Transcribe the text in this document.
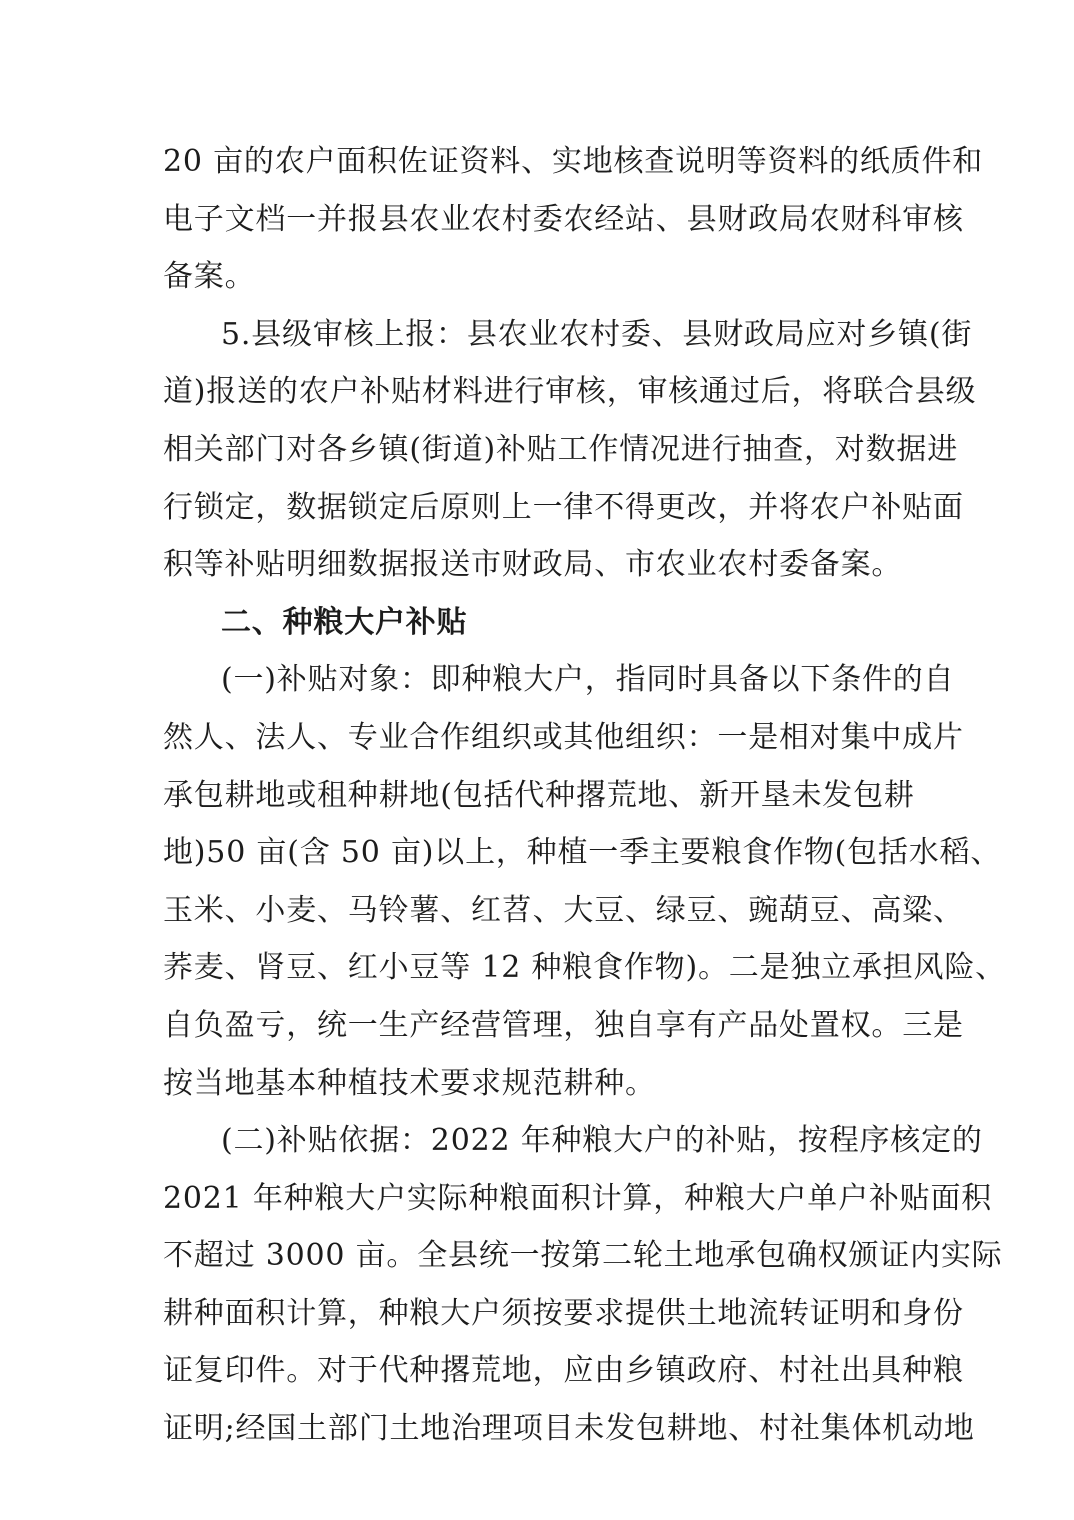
20 亩的农户面积佐证资料、实地核查说明等资料的纸质件和
电子文档一并报县农业农村委农经站、县财政局农财科审核
备案。
5.县级审核上报：县农业农村委、县财政局应对乡镇(街
道)报送的农户补贴材料进行审核，审核通过后，将联合县级
相关部门对各乡镇(街道)补贴工作情况进行抽查，对数据进
行锁定，数据锁定后原则上一律不得更改，并将农户补贴面
积等补贴明细数据报送市财政局、市农业农村委备案。
二、种粮大户补贴
(一)补贴对象：即种粮大户，指同时具备以下条件的自
然人、法人、专业合作组织或其他组织：一是相对集中成片
承包耕地或租种耕地(包括代种撂荒地、新开垦未发包耕
地)50 亩(含 50 亩)以上，种植一季主要粮食作物(包括水稻、
玉米、小麦、马铃薯、红苕、大豆、绿豆、豌葫豆、高粱、
荞麦、肾豆、红小豆等 12 种粮食作物)。二是独立承担风险、
自负盈亏，统一生产经营管理，独自享有产品处置权。三是
按当地基本种植技术要求规范耕种。
(二)补贴依据：2022 年种粮大户的补贴，按程序核定的
2021 年种粮大户实际种粮面积计算，种粮大户单户补贴面积
不超过 3000 亩。全县统一按第二轮土地承包确权颁证内实际
耕种面积计算，种粮大户须按要求提供土地流转证明和身份
证复印件。对于代种撂荒地，应由乡镇政府、村社出具种粮
证明;经国土部门土地治理项目未发包耕地、村社集体机动地
